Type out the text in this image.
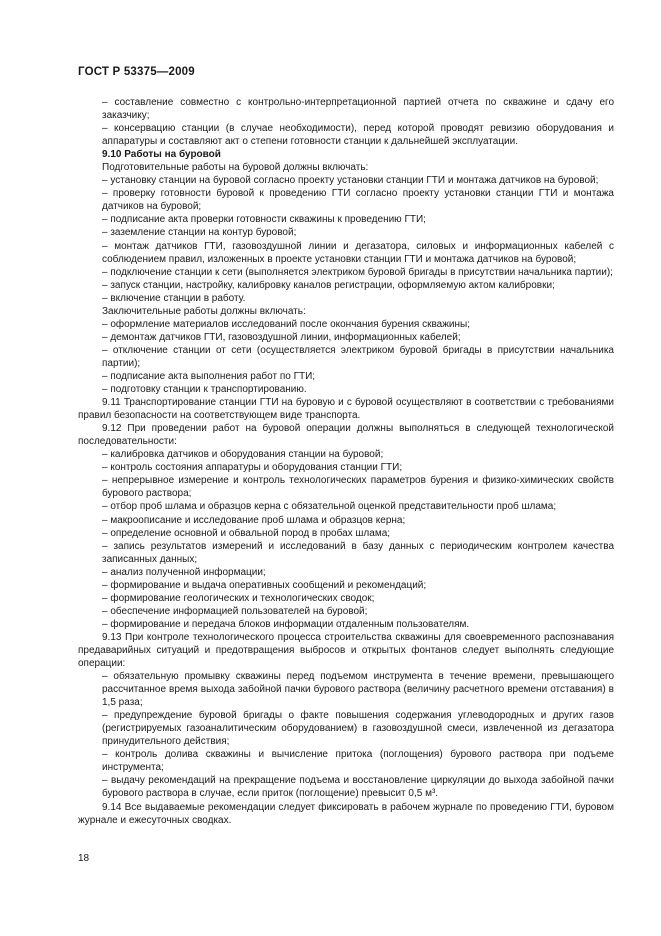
ГОСТ Р 53375—2009

– составление совместно с контрольно-интерпретационной партией отчета по скважине и сдачу его заказчику;

– консервацию станции (в случае необходимости), перед которой проводят ревизию оборудования и аппаратуры и составляют акт о степени готовности станции к дальнейшей эксплуатации.

9.10 Работы на буровой

Подготовительные работы на буровой должны включать:

– установку станции на буровой согласно проекту установки станции ГТИ и монтажа датчиков на буровой;

– проверку готовности буровой к проведению ГТИ согласно проекту установки станции ГТИ и монтажа датчиков на буровой;

– подписание акта проверки готовности скважины к проведению ГТИ;

– заземление станции на контур буровой;

– монтаж датчиков ГТИ, газовоздушной линии и дегазатора, силовых и информационных кабелей с соблюдением правил, изложенных в проекте установки станции ГТИ и монтажа датчиков на буровой;

– подключение станции к сети (выполняется электриком буровой бригады в присутствии начальника партии);

– запуск станции, настройку, калибровку каналов регистрации, оформляемую актом калибровки;

– включение станции в работу.

Заключительные работы должны включать:

– оформление материалов исследований после окончания бурения скважины;

– демонтаж датчиков ГТИ, газовоздушной линии, информационных кабелей;

– отключение станции от сети (осуществляется электриком буровой бригады в присутствии начальника партии);

– подписание акта выполнения работ по ГТИ;

– подготовку станции к транспортированию.

9.11 Транспортирование станции ГТИ на буровую и с буровой осуществляют в соответствии с требованиями правил безопасности на соответствующем виде транспорта.

9.12 При проведении работ на буровой операции должны выполняться в следующей технологической последовательности:

– калибровка датчиков и оборудования станции на буровой;

– контроль состояния аппаратуры и оборудования станции ГТИ;

– непрерывное измерение и контроль технологических параметров бурения и физико-химических свойств бурового раствора;

– отбор проб шлама и образцов керна с обязательной оценкой представительности проб шлама;

– макроописание и исследование проб шлама и образцов керна;

– определение основной и обвальной пород в пробах шлама;

– запись результатов измерений и исследований в базу данных с периодическим контролем качества записанных данных;

– анализ полученной информации;

– формирование и выдача оперативных сообщений и рекомендаций;

– формирование геологических и технологических сводок;

– обеспечение информацией пользователей на буровой;

– формирование и передача блоков информации отдаленным пользователям.

9.13 При контроле технологического процесса строительства скважины для своевременного распознавания предаварийных ситуаций и предотвращения выбросов и открытых фонтанов следует выполнять следующие операции:

– обязательную промывку скважины перед подъемом инструмента в течение времени, превышающего рассчитанное время выхода забойной пачки бурового раствора (величину расчетного времени отставания) в 1,5 раза;

– предупреждение буровой бригады о факте повышения содержания углеводородных и других газов (регистрируемых газоаналитическим оборудованием) в газовоздушной смеси, извлеченной из дегазатора принудительного действия;

– контроль долива скважины и вычисление притока (поглощения) бурового раствора при подъеме инструмента;

– выдачу рекомендаций на прекращение подъема и восстановление циркуляции до выхода забойной пачки бурового раствора в случае, если приток (поглощение) превысит 0,5 м³.

9.14 Все выдаваемые рекомендации следует фиксировать в рабочем журнале по проведению ГТИ, буровом журнале и ежесуточных сводках.

18
